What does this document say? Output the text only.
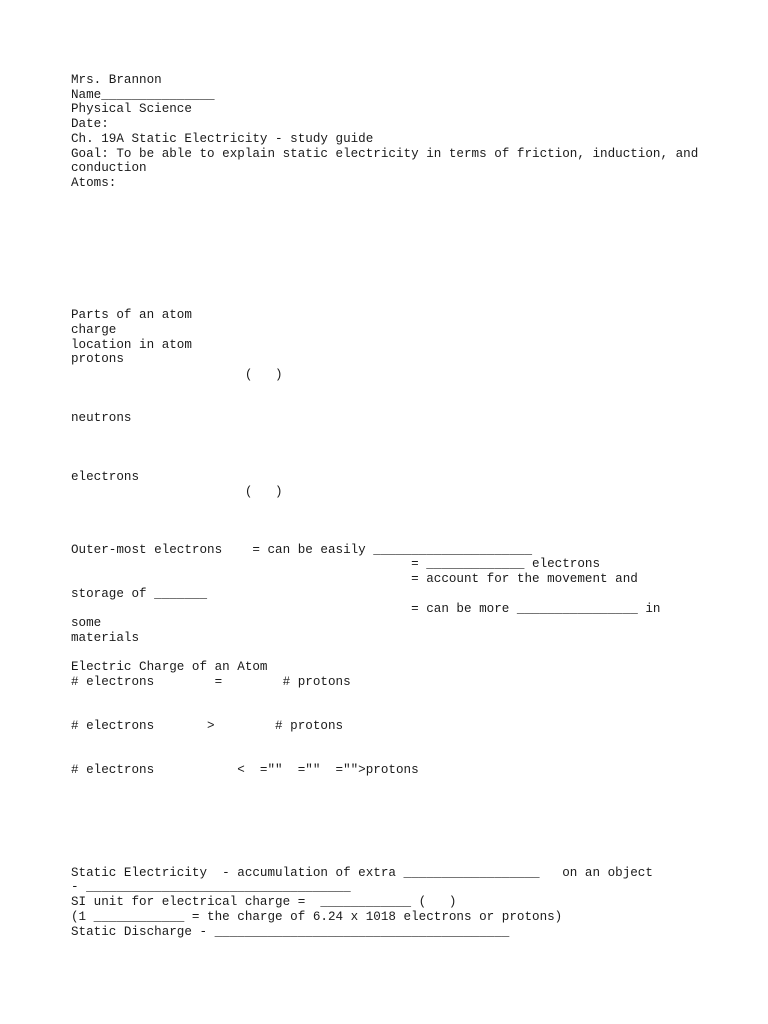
Mrs. Brannon
Name_______________
Physical Science
Date:
Ch. 19A Static Electricity - study guide
Goal: To be able to explain static electricity in terms of friction, induction, and
conduction
Atoms:
Parts of an atom
charge
location in atom
protons
(   )
neutrons
electrons
(   )
Outer-most electrons    = can be easily _____________________
= _____________ electrons
= account for the movement and
storage of _______
= can be more ________________ in
some
materials
Electric Charge of an Atom
# electrons        =        # protons
# electrons       >        # protons
# electrons           <  =""  =""  ="">protons
Static Electricity  - accumulation of extra __________________   on an object
- ___________________________________
SI unit for electrical charge =  ____________ (   )
(1 ____________ = the charge of 6.24 x 1018 electrons or protons)
Static Discharge - _______________________________________
